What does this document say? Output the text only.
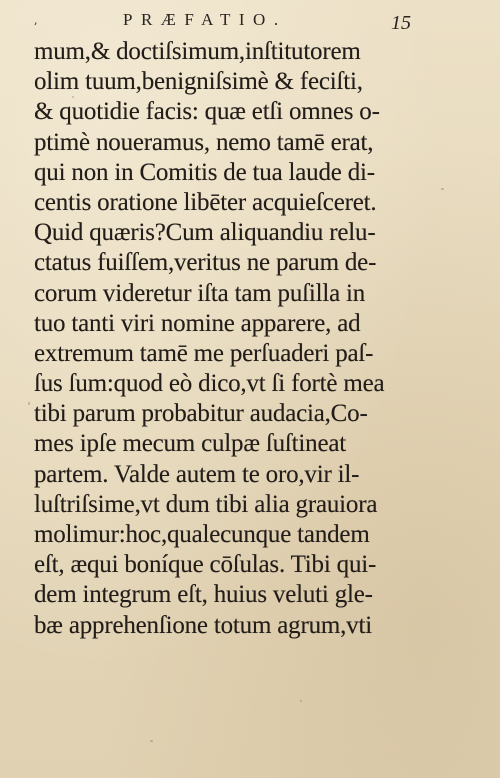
,	PRÆFATIO.	15
mum,& doctiſsimum,inſtitutorem
olim tuum,benigniſsimè & feciſti,
& quotidie facis: quæ etſi omnes o-
ptimè noueramus, nemo tamē erat,
qui non in Comitis de tua laude di-
centis oratione libēter acquieſceret.
Quid quæris?Cum aliquandiu relu-
ctatus fuiſſem,veritus ne parum de-
corum videretur iſta tam puſilla in
tuo tanti viri nomine apparere, ad
extremum tamē me perſuaderi paſ-
ſus ſum:quod eò dico,vt ſi fortè mea
tibi parum probabitur audacia,Co-
mes ipſe mecum culpæ ſuſtineat
partem. Valde autem te oro,vir il-
luſtriſsime,vt dum tibi alia grauiora
molimur:hoc,qualecunque tandem
eſt, æqui boníque cōſulas. Tibi qui-
dem integrum eſt, huius veluti gle-
bæ apprehenſione totum agrum,vti
